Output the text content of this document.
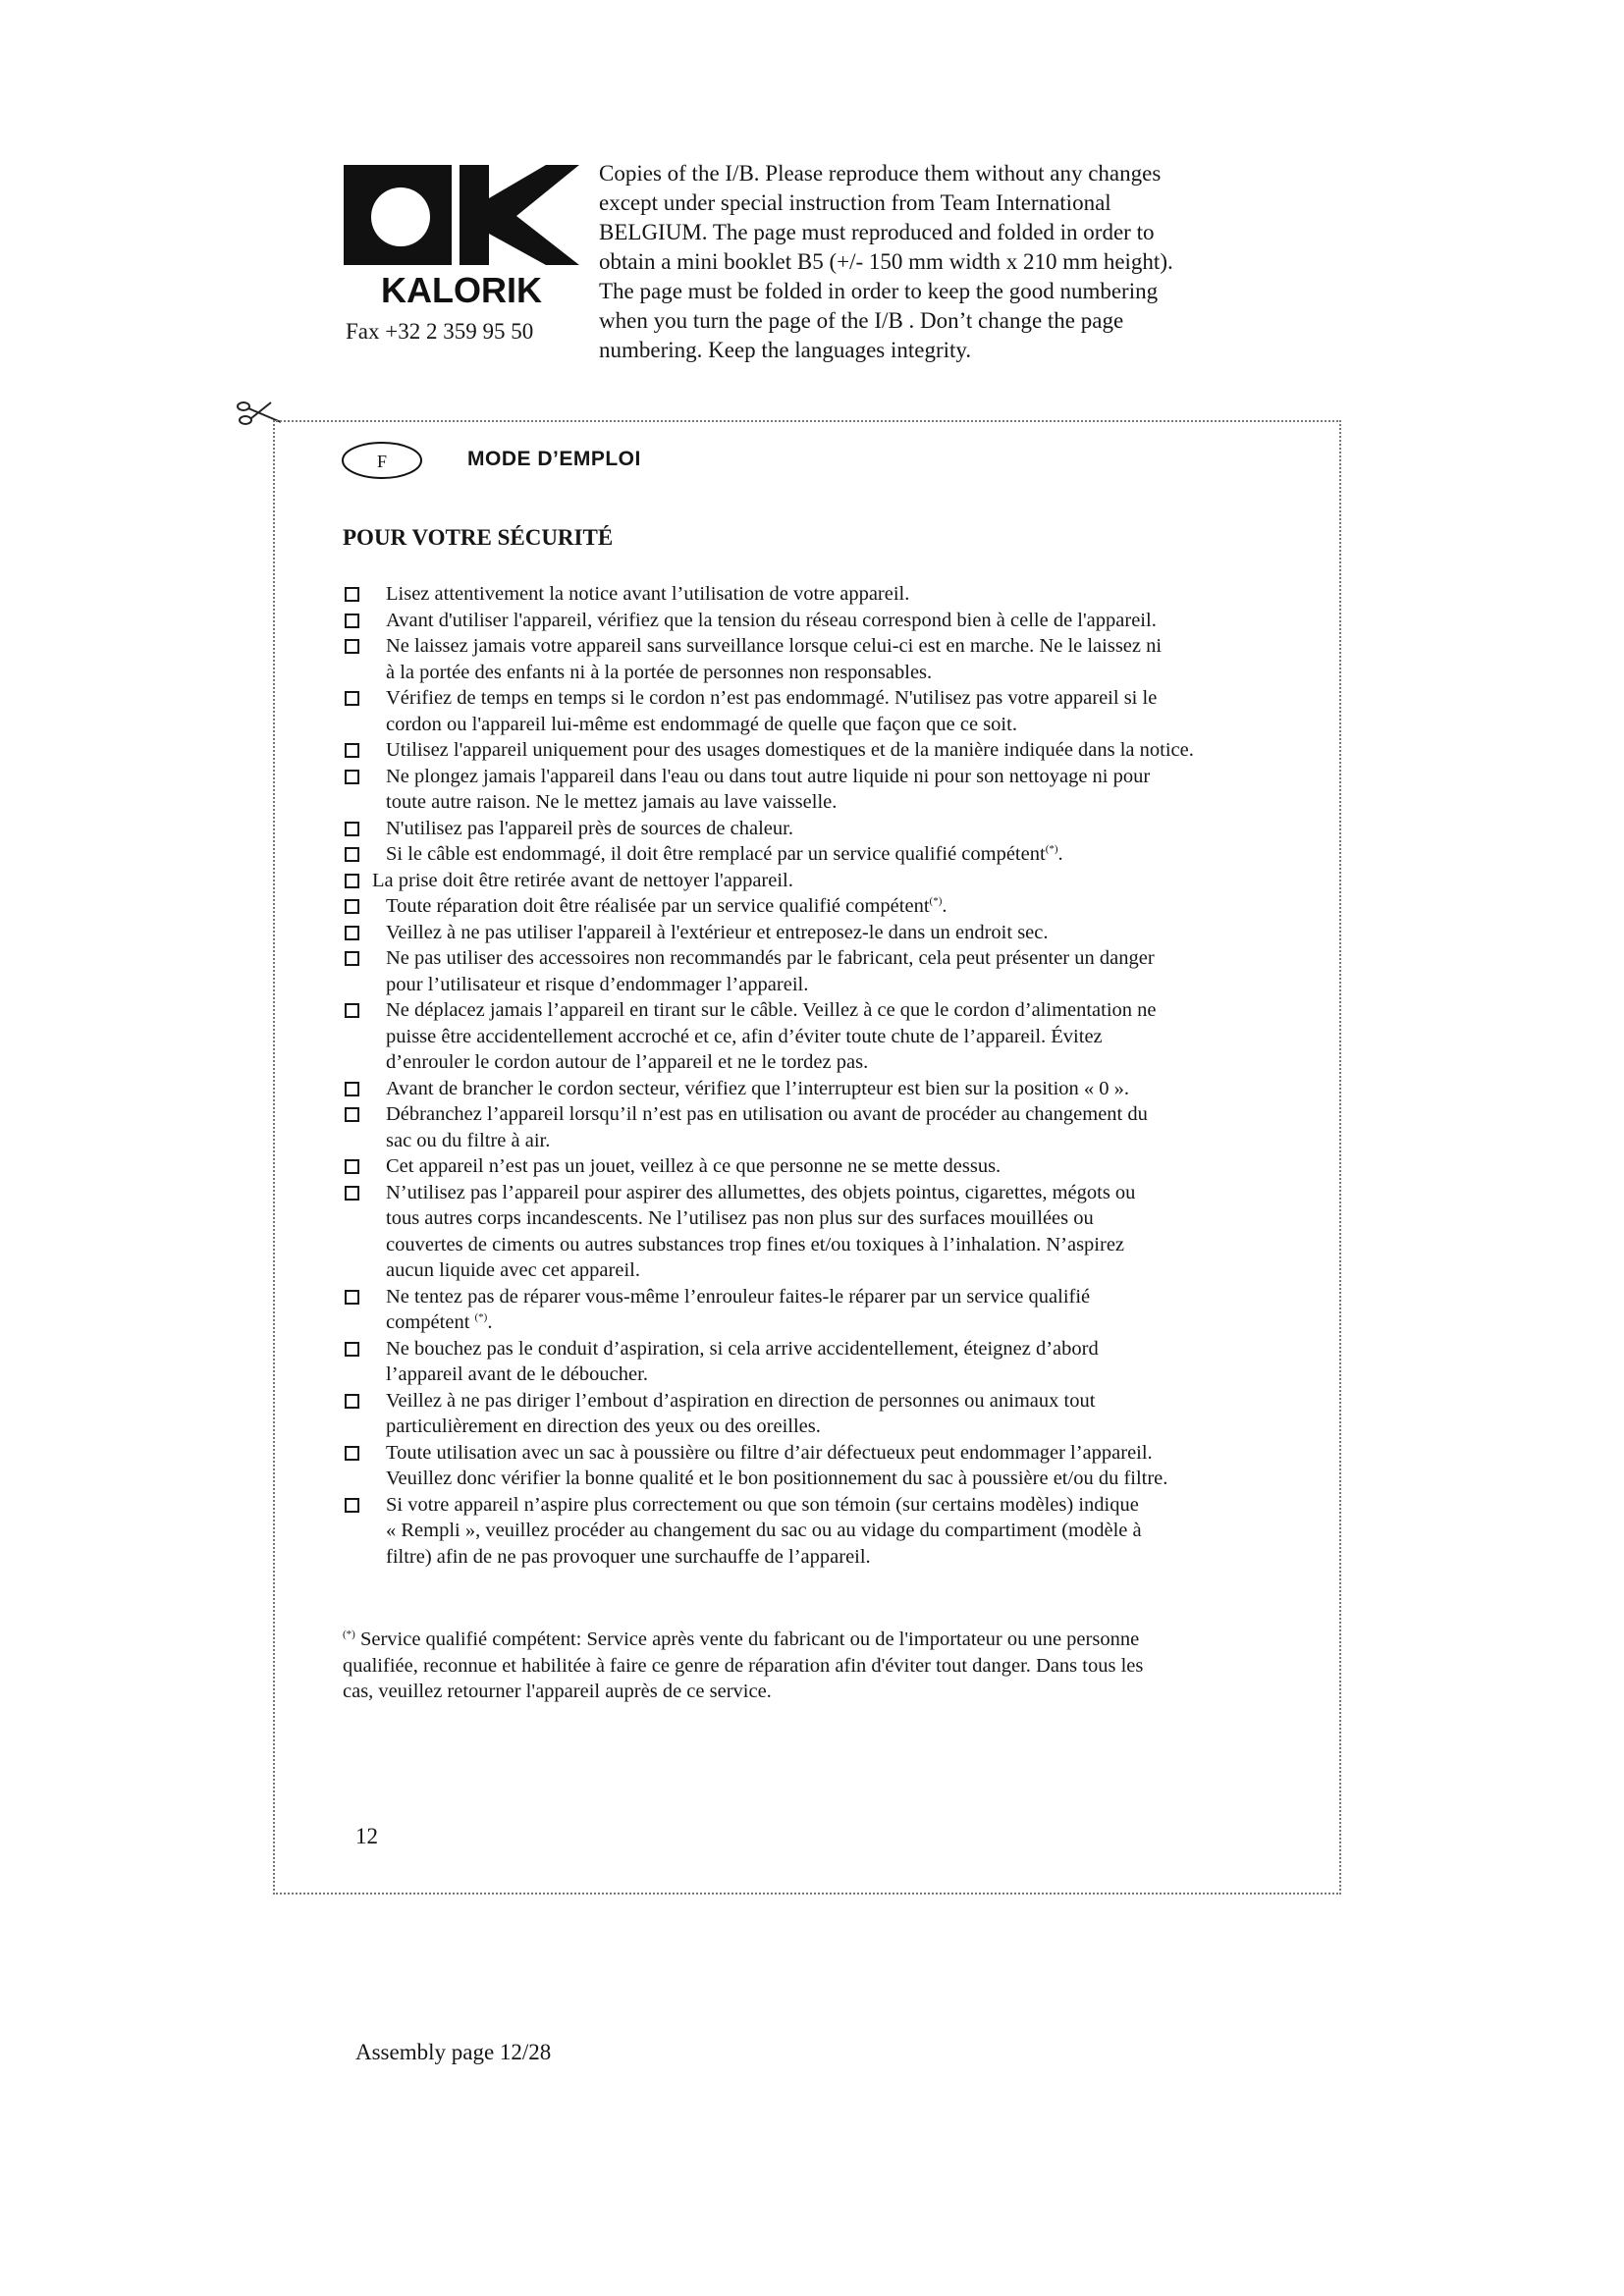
KALORIK
Fax +32 2 359 95 50
Copies of the I/B. Please reproduce them without any changes
except under special instruction from Team International
BELGIUM. The page must reproduced and folded in order to
obtain a mini booklet B5 (+/- 150 mm width x 210 mm height).
The page must be folded in order to keep the good numbering
when you turn the page of the I/B . Don’t change the page
numbering. Keep the languages integrity.
F	MODE D’EMPLOI
POUR VOTRE SÉCURITÉ
Lisez attentivement la notice avant l’utilisation de votre appareil.
Avant d'utiliser l'appareil, vérifiez que la tension du réseau correspond bien à celle de l'appareil.
Ne laissez jamais votre appareil sans surveillance lorsque celui-ci est en marche. Ne le laissez ni
à la portée des enfants ni à la portée de personnes non responsables.
Vérifiez de temps en temps si le cordon n’est pas endommagé. N'utilisez pas votre appareil si le
cordon ou l'appareil lui-même est endommagé de quelle que façon que ce soit.
Utilisez l'appareil uniquement pour des usages domestiques et de la manière indiquée dans la notice.
Ne plongez jamais l'appareil dans l'eau ou dans tout autre liquide ni pour son nettoyage ni pour
toute autre raison. Ne le mettez jamais au lave vaisselle.
N'utilisez pas l'appareil près de sources de chaleur.
Si le câble est endommagé, il doit être remplacé par un service qualifié compétent(*).
La prise doit être retirée avant de nettoyer l'appareil.
Toute réparation doit être réalisée par un service qualifié compétent(*).
Veillez à ne pas utiliser l'appareil à l'extérieur et entreposez-le dans un endroit sec.
Ne pas utiliser des accessoires non recommandés par le fabricant, cela peut présenter un danger
pour l’utilisateur et risque d’endommager l’appareil.
Ne déplacez jamais l’appareil en tirant sur le câble. Veillez à ce que le cordon d’alimentation ne
puisse être accidentellement accroché et ce, afin d’éviter toute chute de l’appareil. Évitez
d’enrouler le cordon autour de l’appareil et ne le tordez pas.
Avant de brancher le cordon secteur, vérifiez que l’interrupteur est bien sur la position « 0 ».
Débranchez l’appareil lorsqu’il n’est pas en utilisation ou avant de procéder au changement du
sac ou du filtre à air.
Cet appareil n’est pas un jouet, veillez à ce que personne ne se mette dessus.
N’utilisez pas l’appareil pour aspirer des allumettes, des objets pointus, cigarettes, mégots ou
tous autres corps incandescents. Ne l’utilisez pas non plus sur des surfaces mouillées ou
couvertes de ciments ou autres substances trop fines et/ou toxiques à l’inhalation. N’aspirez
aucun liquide avec cet appareil.
Ne tentez pas de réparer vous-même l’enrouleur faites-le réparer par un service qualifié
compétent (*).
Ne bouchez pas le conduit d’aspiration, si cela arrive accidentellement, éteignez d’abord
l’appareil avant de le déboucher.
Veillez à ne pas diriger l’embout d’aspiration en direction de personnes ou animaux tout
particulièrement en direction des yeux ou des oreilles.
Toute utilisation avec un sac à poussière ou filtre d’air défectueux peut endommager l’appareil.
Veuillez donc vérifier la bonne qualité et le bon positionnement du sac à poussière et/ou du filtre.
Si votre appareil n’aspire plus correctement ou que son témoin (sur certains modèles) indique
« Rempli », veuillez procéder au changement du sac ou au vidage du compartiment (modèle à
filtre) afin de ne pas provoquer une surchauffe de l’appareil.
(*) Service qualifié compétent: Service après vente du fabricant ou de l'importateur ou une personne
qualifiée, reconnue et habilitée à faire ce genre de réparation afin d'éviter tout danger. Dans tous les
cas, veuillez retourner l'appareil auprès de ce service.
12
Assembly page 12/28
